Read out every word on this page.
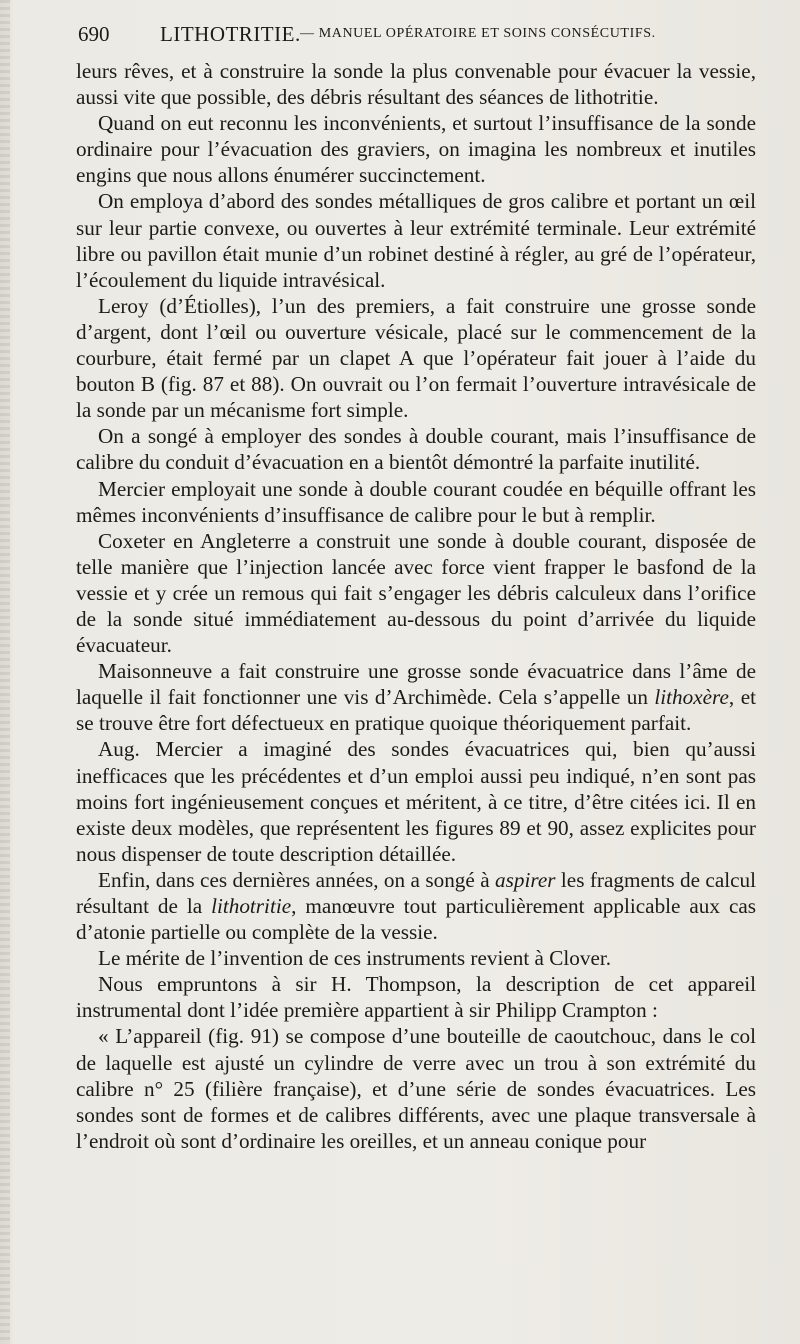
690 LITHOTRITIE. — MANUEL OPÉRATOIRE ET SOINS CONSÉCUTIFS.

leurs rêves, et à construire la sonde la plus convenable pour évacuer la vessie, aussi vite que possible, des débris résultant des séances de lithotritie.

Quand on eut reconnu les inconvénients, et surtout l’insuffisance de la sonde ordinaire pour l’évacuation des graviers, on imagina les nombreux et inutiles engins que nous allons énumérer succinctement.

On employa d’abord des sondes métalliques de gros calibre et portant un œil sur leur partie convexe, ou ouvertes à leur extrémité terminale. Leur extrémité libre ou pavillon était munie d’un robinet destiné à régler, au gré de l’opérateur, l’écoulement du liquide intravésical.

Leroy (d’Étiolles), l’un des premiers, a fait construire une grosse sonde d’argent, dont l’œil ou ouverture vésicale, placé sur le commencement de la courbure, était fermé par un clapet A que l’opérateur fait jouer à l’aide du bouton B (fig. 87 et 88). On ouvrait ou l’on fermait l’ouverture intravésicale de la sonde par un mécanisme fort simple.

On a songé à employer des sondes à double courant, mais l’insuffisance de calibre du conduit d’évacuation en a bientôt démontré la parfaite inutilité.

Mercier employait une sonde à double courant coudée en béquille offrant les mêmes inconvénients d’insuffisance de calibre pour le but à remplir.

Coxeter en Angleterre a construit une sonde à double courant, disposée de telle manière que l’injection lancée avec force vient frapper le basfond de la vessie et y crée un remous qui fait s’engager les débris calculeux dans l’orifice de la sonde situé immédiatement au-dessous du point d’arrivée du liquide évacuateur.

Maisonneuve a fait construire une grosse sonde évacuatrice dans l’âme de laquelle il fait fonctionner une vis d’Archimède. Cela s’appelle un lithoxère, et se trouve être fort défectueux en pratique quoique théoriquement parfait.

Aug. Mercier a imaginé des sondes évacuatrices qui, bien qu’aussi inefficaces que les précédentes et d’un emploi aussi peu indiqué, n’en sont pas moins fort ingénieusement conçues et méritent, à ce titre, d’être citées ici. Il en existe deux modèles, que représentent les figures 89 et 90, assez explicites pour nous dispenser de toute description détaillée.

Enfin, dans ces dernières années, on a songé à aspirer les fragments de calcul résultant de la lithotritie, manœuvre tout particulièrement applicable aux cas d’atonie partielle ou complète de la vessie.

Le mérite de l’invention de ces instruments revient à Clover.

Nous empruntons à sir H. Thompson, la description de cet appareil instrumental dont l’idée première appartient à sir Philipp Crampton :

« L’appareil (fig. 91) se compose d’une bouteille de caoutchouc, dans le col de laquelle est ajusté un cylindre de verre avec un trou à son extrémité du calibre n° 25 (filière française), et d’une série de sondes évacuatrices. Les sondes sont de formes et de calibres différents, avec une plaque transversale à l’endroit où sont d’ordinaire les oreilles, et un anneau conique pour
